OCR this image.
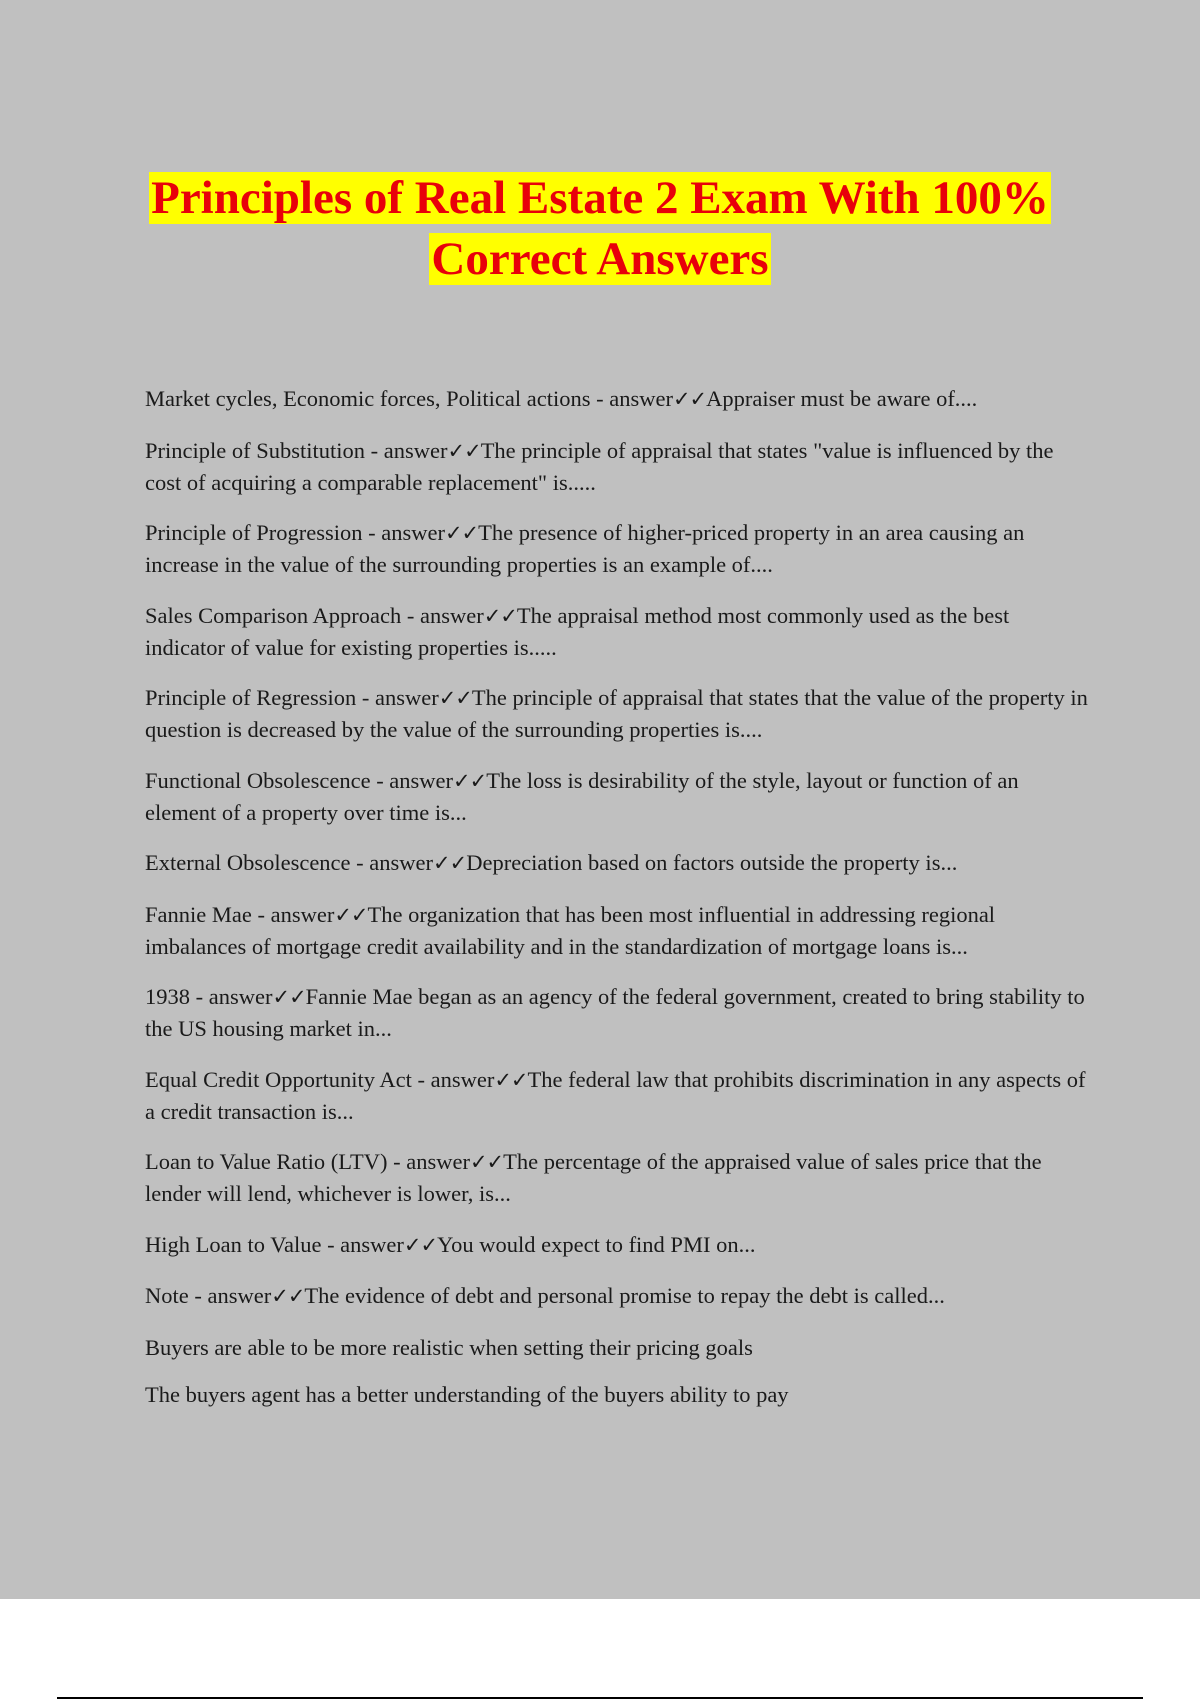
Principles of Real Estate 2 Exam With 100%
Correct Answers
Market cycles, Economic forces, Political actions - answer✓✓Appraiser must be aware of....
Principle of Substitution - answer✓✓The principle of appraisal that states "value is influenced by the cost of acquiring a comparable replacement" is.....
Principle of Progression - answer✓✓The presence of higher-priced property in an area causing an increase in the value of the surrounding properties is an example of....
Sales Comparison Approach - answer✓✓The appraisal method most commonly used as the best indicator of value for existing properties is.....
Principle of Regression - answer✓✓The principle of appraisal that states that the value of the property in question is decreased by the value of the surrounding properties is....
Functional Obsolescence - answer✓✓The loss is desirability of the style, layout or function of an element of a property over time is...
External Obsolescence - answer✓✓Depreciation based on factors outside the property is...
Fannie Mae - answer✓✓The organization that has been most influential in addressing regional imbalances of mortgage credit availability and in the standardization of mortgage loans is...
1938 - answer✓✓Fannie Mae began as an agency of the federal government, created to bring stability to the US housing market in...
Equal Credit Opportunity Act - answer✓✓The federal law that prohibits discrimination in any aspects of a credit transaction is...
Loan to Value Ratio (LTV) - answer✓✓The percentage of the appraised value of sales price that the lender will lend, whichever is lower, is...
High Loan to Value - answer✓✓You would expect to find PMI on...
Note - answer✓✓The evidence of debt and personal promise to repay the debt is called...
Buyers are able to be more realistic when setting their pricing goals
The buyers agent has a better understanding of the buyers ability to pay
